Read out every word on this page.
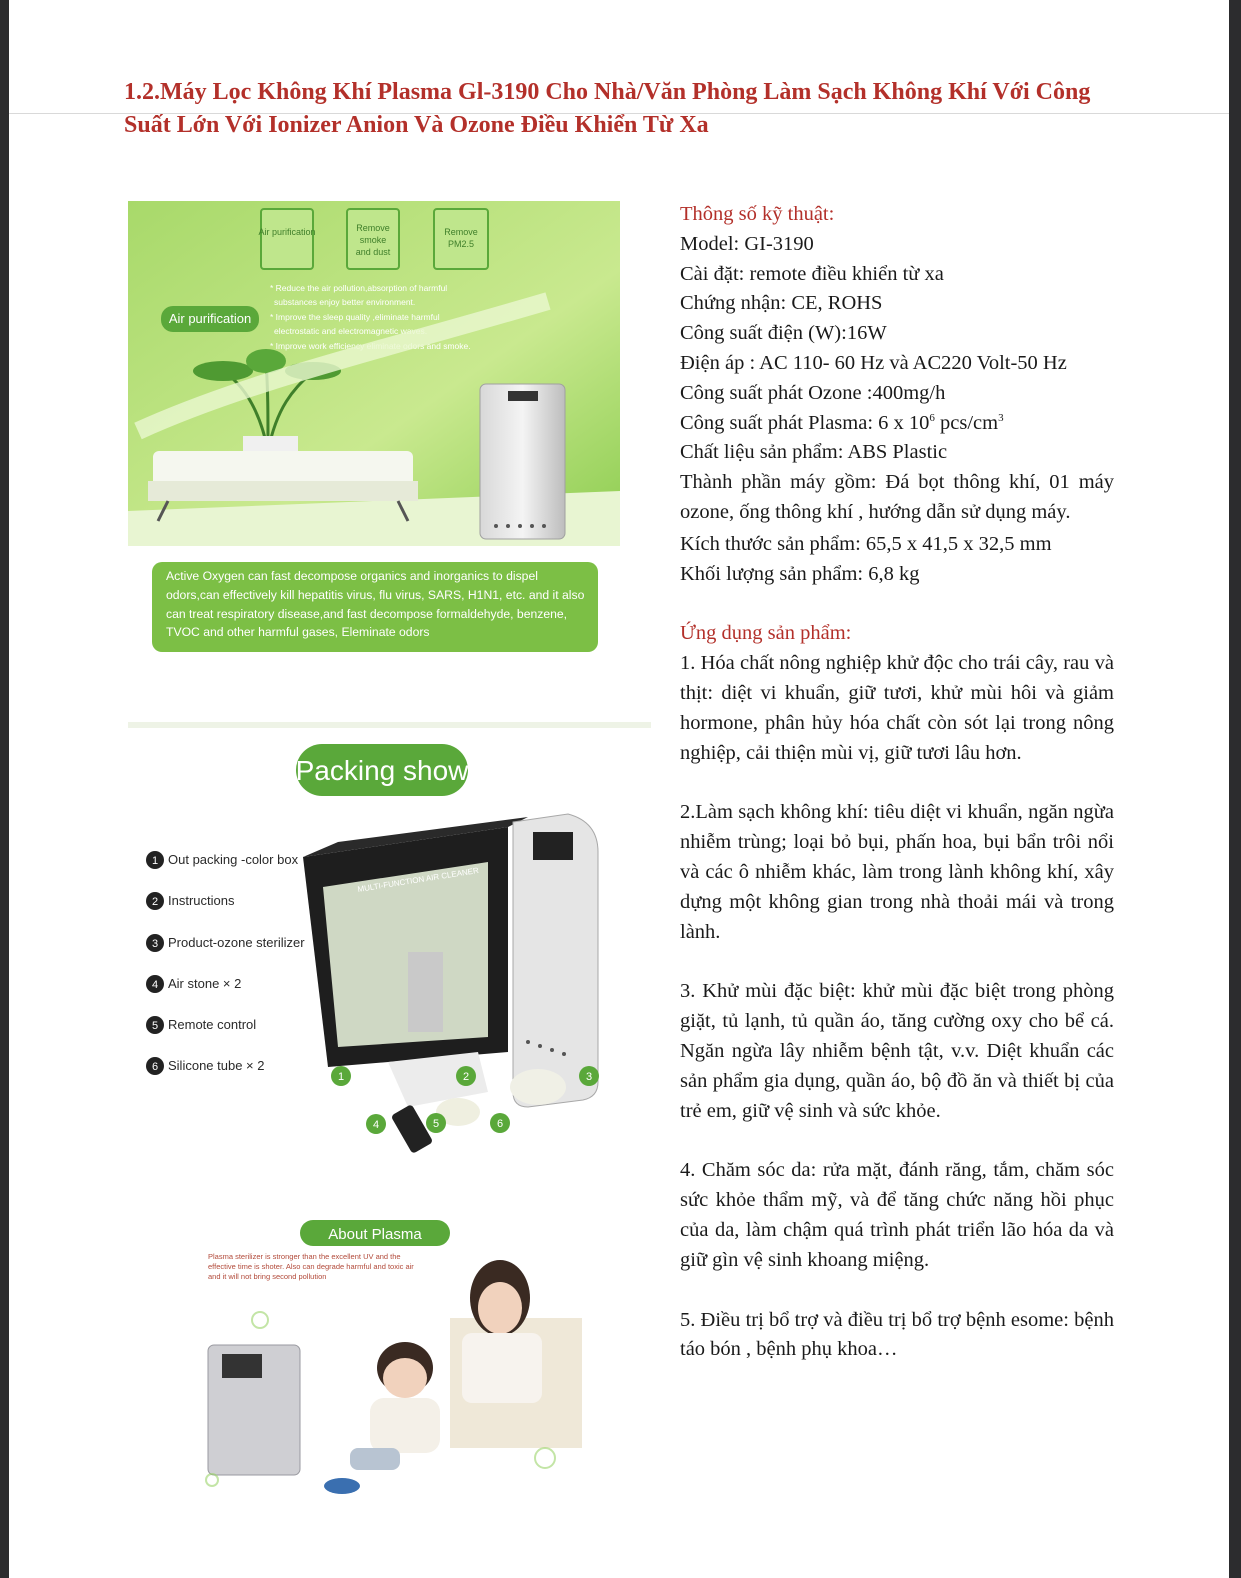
1.2.Máy Lọc Không Khí Plasma Gl-3190 Cho Nhà/Văn Phòng Làm Sạch Không Khí Với Công Suất Lớn Với Ionizer Anion Và Ozone Điều Khiển Từ Xa
Air purification	Remove
smoke
and dust
Remove
PM2.5
Air purification
* Reduce the air pollution,absorption of harmful
substances enjoy better environment.
* Improve the sleep quality ,eliminate harmful
electrostatic and electromagnetic waves.
* Improve work efficiency eliminate odors and smoke.
Active Oxygen can fast decompose organics and inorganics to dispel odors,can effectively kill hepatitis virus, flu virus, SARS, H1N1, etc. and it also can treat respiratory disease,and fast decompose formaldehyde, benzene, TVOC and other harmful gases, Eleminate odors
Packing show
1 Out packing -color box
2 Instructions
3 Product-ozone sterilizer
4 Air stone × 2
5 Remote control
6 Silicone tube × 2
MULTI-FUNCTION AIR CLEANER
1	2	3
4	5	6
About Plasma
Plasma sterilizer is stronger than the excellent UV and the effective time is shoter. Also can degrade harmful and toxic air and it will not bring second pollution

Thông số kỹ thuật:

Model: GI-3190

Cài đặt: remote điều khiển từ xa

Chứng nhận: CE, ROHS

Công suất điện (W):16W

Điện áp : AC 110- 60 Hz và AC220 Volt-50 Hz

Công suất phát Ozone :400mg/h

Công suất phát Plasma: 6 x $10^6$ pcs/$cm^3$

Chất liệu sản phẩm: ABS Plastic

Thành phần máy gồm: Đá bọt thông khí, 01 máy ozone, ống thông khí , hướng dẫn sử dụng máy.

Kích thước sản phẩm: 65,5 x 41,5 x 32,5 mm

Khối lượng sản phẩm: 6,8 kg

Ứng dụng sản phẩm:

1. Hóa chất nông nghiệp khử độc cho trái cây, rau và thịt: diệt vi khuẩn, giữ tươi, khử mùi hôi và giảm hormone, phân hủy hóa chất còn sót lại trong nông nghiệp, cải thiện mùi vị, giữ tươi lâu hơn.

2.Làm sạch không khí: tiêu diệt vi khuẩn, ngăn ngừa nhiễm trùng; loại bỏ bụi, phấn hoa, bụi bẩn trôi nổi và các ô nhiễm khác, làm trong lành không khí, xây dựng một không gian trong nhà thoải mái và trong lành.

3. Khử mùi đặc biệt: khử mùi đặc biệt trong phòng giặt, tủ lạnh, tủ quần áo, tăng cường oxy cho bể cá. Ngăn ngừa lây nhiễm bệnh tật, v.v. Diệt khuẩn các sản phẩm gia dụng, quần áo, bộ đồ ăn và thiết bị của trẻ em, giữ vệ sinh và sức khỏe.

4. Chăm sóc da: rửa mặt, đánh răng, tắm, chăm sóc sức khỏe thẩm mỹ, và để tăng chức năng hồi phục của da, làm chậm quá trình phát triển lão hóa da và giữ gìn vệ sinh khoang miệng.

5. Điều trị bổ trợ và điều trị bổ trợ bệnh esome: bệnh táo bón , bệnh phụ khoa…
